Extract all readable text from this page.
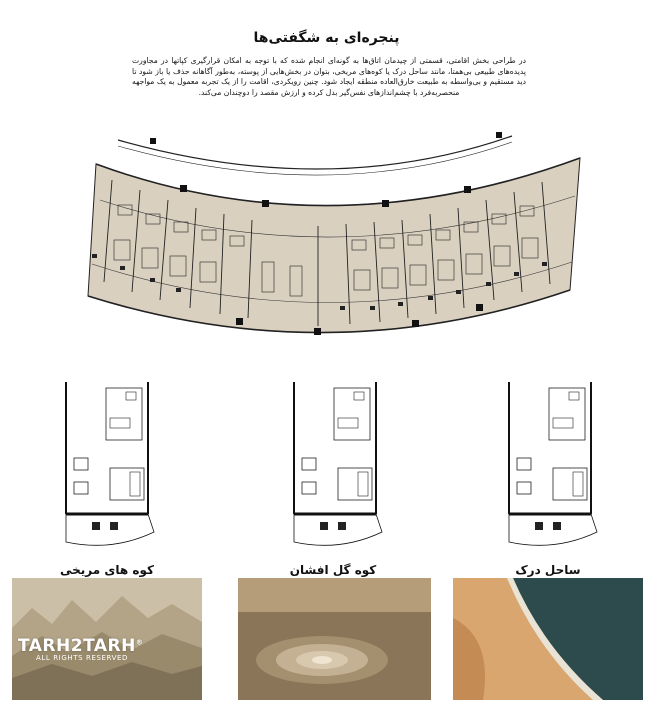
پنجره‌ای به شگفتی‌ها
در طراحی بخش اقامتی، قسمتی از چیدمان اتاق‌ها به گونه‌ای انجام شده که با توجه به امکان قرارگیری کپاتها در مجاورت پدیده‌های طبیعی بی‌همتا، مانند ساحل درک یا کوه‌های مریخی، بتوان در بخش‌هایی از پوسته، به‌طور آگاهانه حذف یا باز شود تا دید مستقیم و بی‌واسطه به طبیعت خارق‌العاده منطقه ایجاد شود. چنین رویکردی، اقامت را از یک تجربه معمول به یک مواجهه منحصربه‌فرد با چشم‌اندازهای نفس‌گیر بدل کرده و ارزش مقصد را دوچندان می‌کند.
کوه های مریخی	کوه گل افشان	ساحل درک
TARH2TARH®
ALL RIGHTS RESERVED
